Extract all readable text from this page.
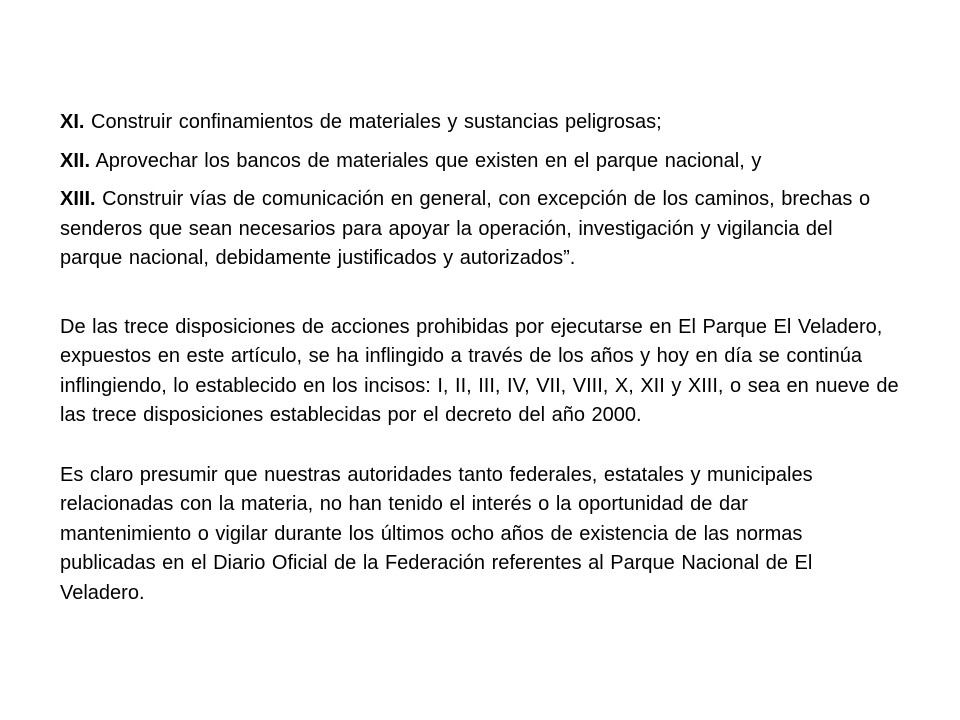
XI. Construir confinamientos de materiales y sustancias peligrosas;

XII. Aprovechar los bancos de materiales que existen en el parque nacional, y

XIII. Construir vías de comunicación en general, con excepción de los caminos, brechas o senderos que sean necesarios para apoyar la operación, investigación y vigilancia del parque nacional, debidamente justificados y autorizados”.

De las trece disposiciones de acciones prohibidas por ejecutarse en El Parque El Veladero, expuestos en este artículo, se ha inflingido a través de los años y hoy en día se continúa inflingiendo, lo establecido en los incisos: I, II, III, IV, VII, VIII, X, XII y XIII, o sea en nueve de las trece disposiciones establecidas por el decreto del año 2000.

Es claro presumir que nuestras autoridades tanto federales, estatales y municipales relacionadas con la materia, no han tenido el interés o la oportunidad de dar mantenimiento o vigilar durante los últimos ocho años de existencia de las normas publicadas en el Diario Oficial de la Federación referentes al Parque Nacional de El Veladero.
